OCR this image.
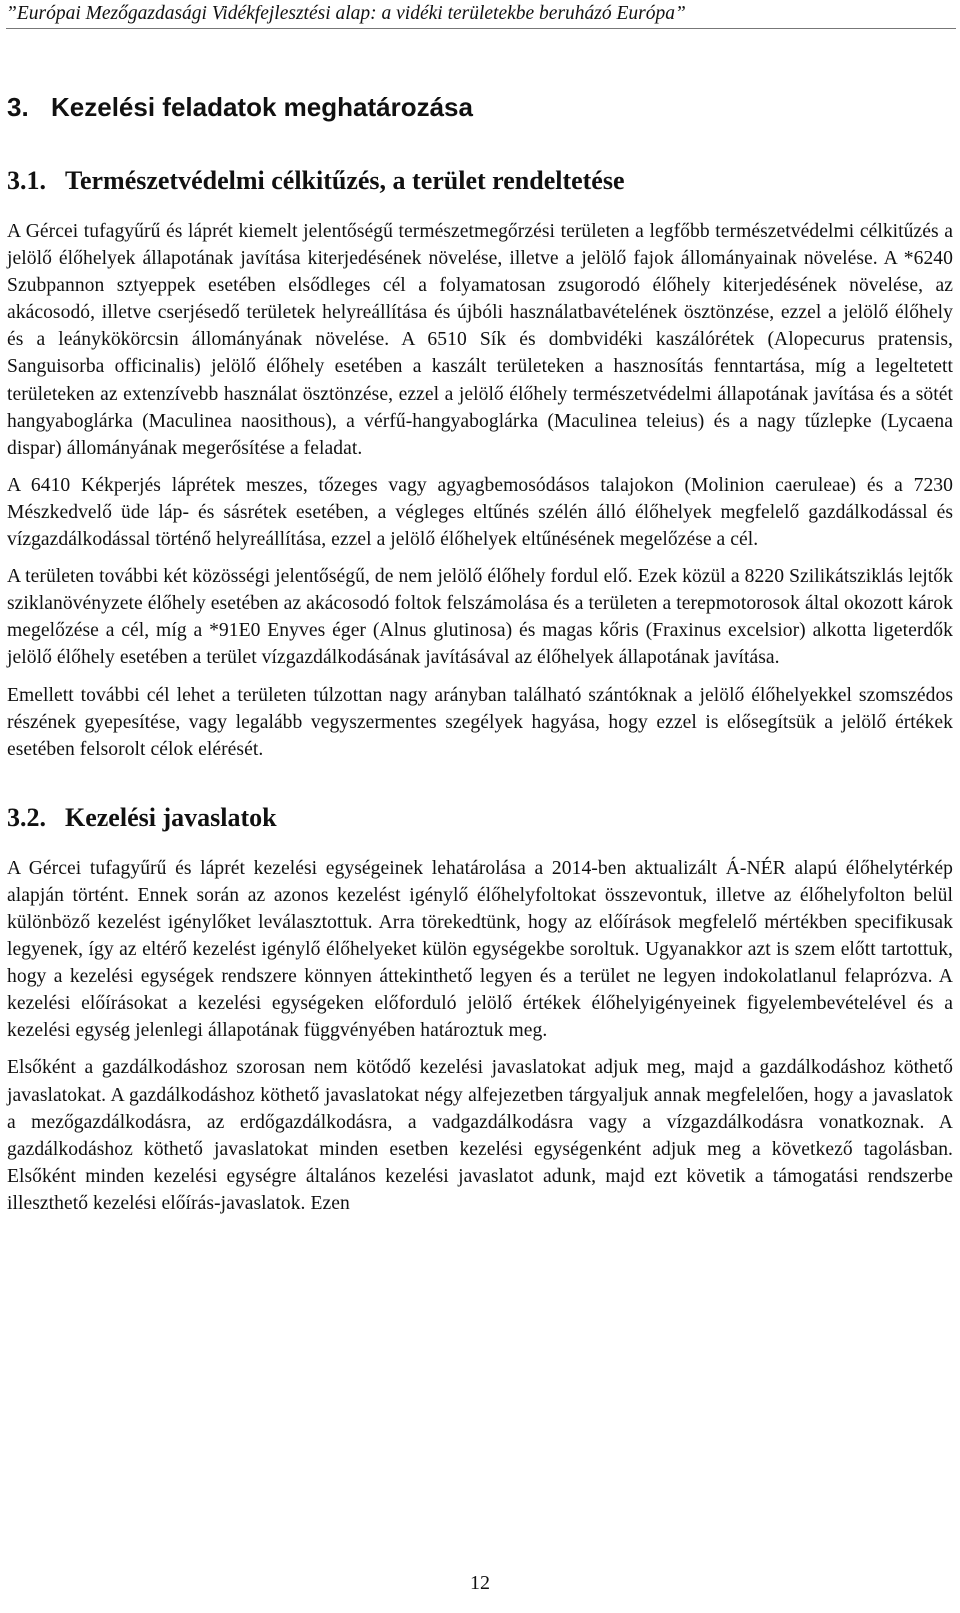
”Európai Mezőgazdasági Vidékfejlesztési alap: a vidéki területekbe beruházó Európa”
3. Kezelési feladatok meghatározása
3.1. Természetvédelmi célkitűzés, a terület rendeltetése

A Gércei tufagyűrű és láprét kiemelt jelentőségű természetmegőrzési területen a legfőbb természetvédelmi célkitűzés a jelölő élőhelyek állapotának javítása kiterjedésének növelése, illetve a jelölő fajok állományainak növelése. A *6240 Szubpannon sztyeppek esetében elsődleges cél a folyamatosan zsugorodó élőhely kiterjedésének növelése, az akácosodó, illetve cserjésedő területek helyreállítása és újbóli használatbavételének ösztönzése, ezzel a jelölő élőhely és a leánykökörcsin állományának növelése. A 6510 Sík és dombvidéki kaszálórétek (Alopecurus pratensis, Sanguisorba officinalis) jelölő élőhely esetében a kaszált területeken a hasznosítás fenntartása, míg a legeltetett területeken az extenzívebb használat ösztönzése, ezzel a jelölő élőhely természetvédelmi állapotának javítása és a sötét hangyaboglárka (Maculinea naosithous), a vérfű-hangyaboglárka (Maculinea teleius) és a nagy tűzlepke (Lycaena dispar) állományának megerősítése a feladat.

A 6410 Kékperjés láprétek meszes, tőzeges vagy agyagbemosódásos talajokon (Molinion caeruleae) és a 7230 Mészkedvelő üde láp- és sásrétek esetében, a végleges eltűnés szélén álló élőhelyek megfelelő gazdálkodással és vízgazdálkodással történő helyreállítása, ezzel a jelölő élőhelyek eltűnésének megelőzése a cél.

A területen további két közösségi jelentőségű, de nem jelölő élőhely fordul elő. Ezek közül a 8220 Szilikátsziklás lejtők sziklanövényzete élőhely esetében az akácosodó foltok felszámolása és a területen a terepmotorosok által okozott károk megelőzése a cél, míg a *91E0 Enyves éger (Alnus glutinosa) és magas kőris (Fraxinus excelsior) alkotta ligeterdők jelölő élőhely esetében a terület vízgazdálkodásának javításával az élőhelyek állapotának javítása.

Emellett további cél lehet a területen túlzottan nagy arányban található szántóknak a jelölő élőhelyekkel szomszédos részének gyepesítése, vagy legalább vegyszermentes szegélyek hagyása, hogy ezzel is elősegítsük a jelölő értékek esetében felsorolt célok elérését.

3.2. Kezelési javaslatok

A Gércei tufagyűrű és láprét kezelési egységeinek lehatárolása a 2014-ben aktualizált Á-NÉR alapú élőhelytérkép alapján történt. Ennek során az azonos kezelést igénylő élőhelyfoltokat összevontuk, illetve az élőhelyfolton belül különböző kezelést igénylőket leválasztottuk. Arra törekedtünk, hogy az előírások megfelelő mértékben specifikusak legyenek, így az eltérő kezelést igénylő élőhelyeket külön egységekbe soroltuk. Ugyanakkor azt is szem előtt tartottuk, hogy a kezelési egységek rendszere könnyen áttekinthető legyen és a terület ne legyen indokolatlanul felaprózva. A kezelési előírásokat a kezelési egységeken előforduló jelölő értékek élőhelyigényeinek figyelembevételével és a kezelési egység jelenlegi állapotának függvényében határoztuk meg.

Elsőként a gazdálkodáshoz szorosan nem kötődő kezelési javaslatokat adjuk meg, majd a gazdálkodáshoz köthető javaslatokat. A gazdálkodáshoz köthető javaslatokat négy alfejezetben tárgyaljuk annak megfelelően, hogy a javaslatok a mezőgazdálkodásra, az erdőgazdálkodásra, a vadgazdálkodásra vagy a vízgazdálkodásra vonatkoznak. A gazdálkodáshoz köthető javaslatokat minden esetben kezelési egységenként adjuk meg a következő tagolásban. Elsőként minden kezelési egységre általános kezelési javaslatot adunk, majd ezt követik a támogatási rendszerbe illeszthető kezelési előírás-javaslatok. Ezen

12
